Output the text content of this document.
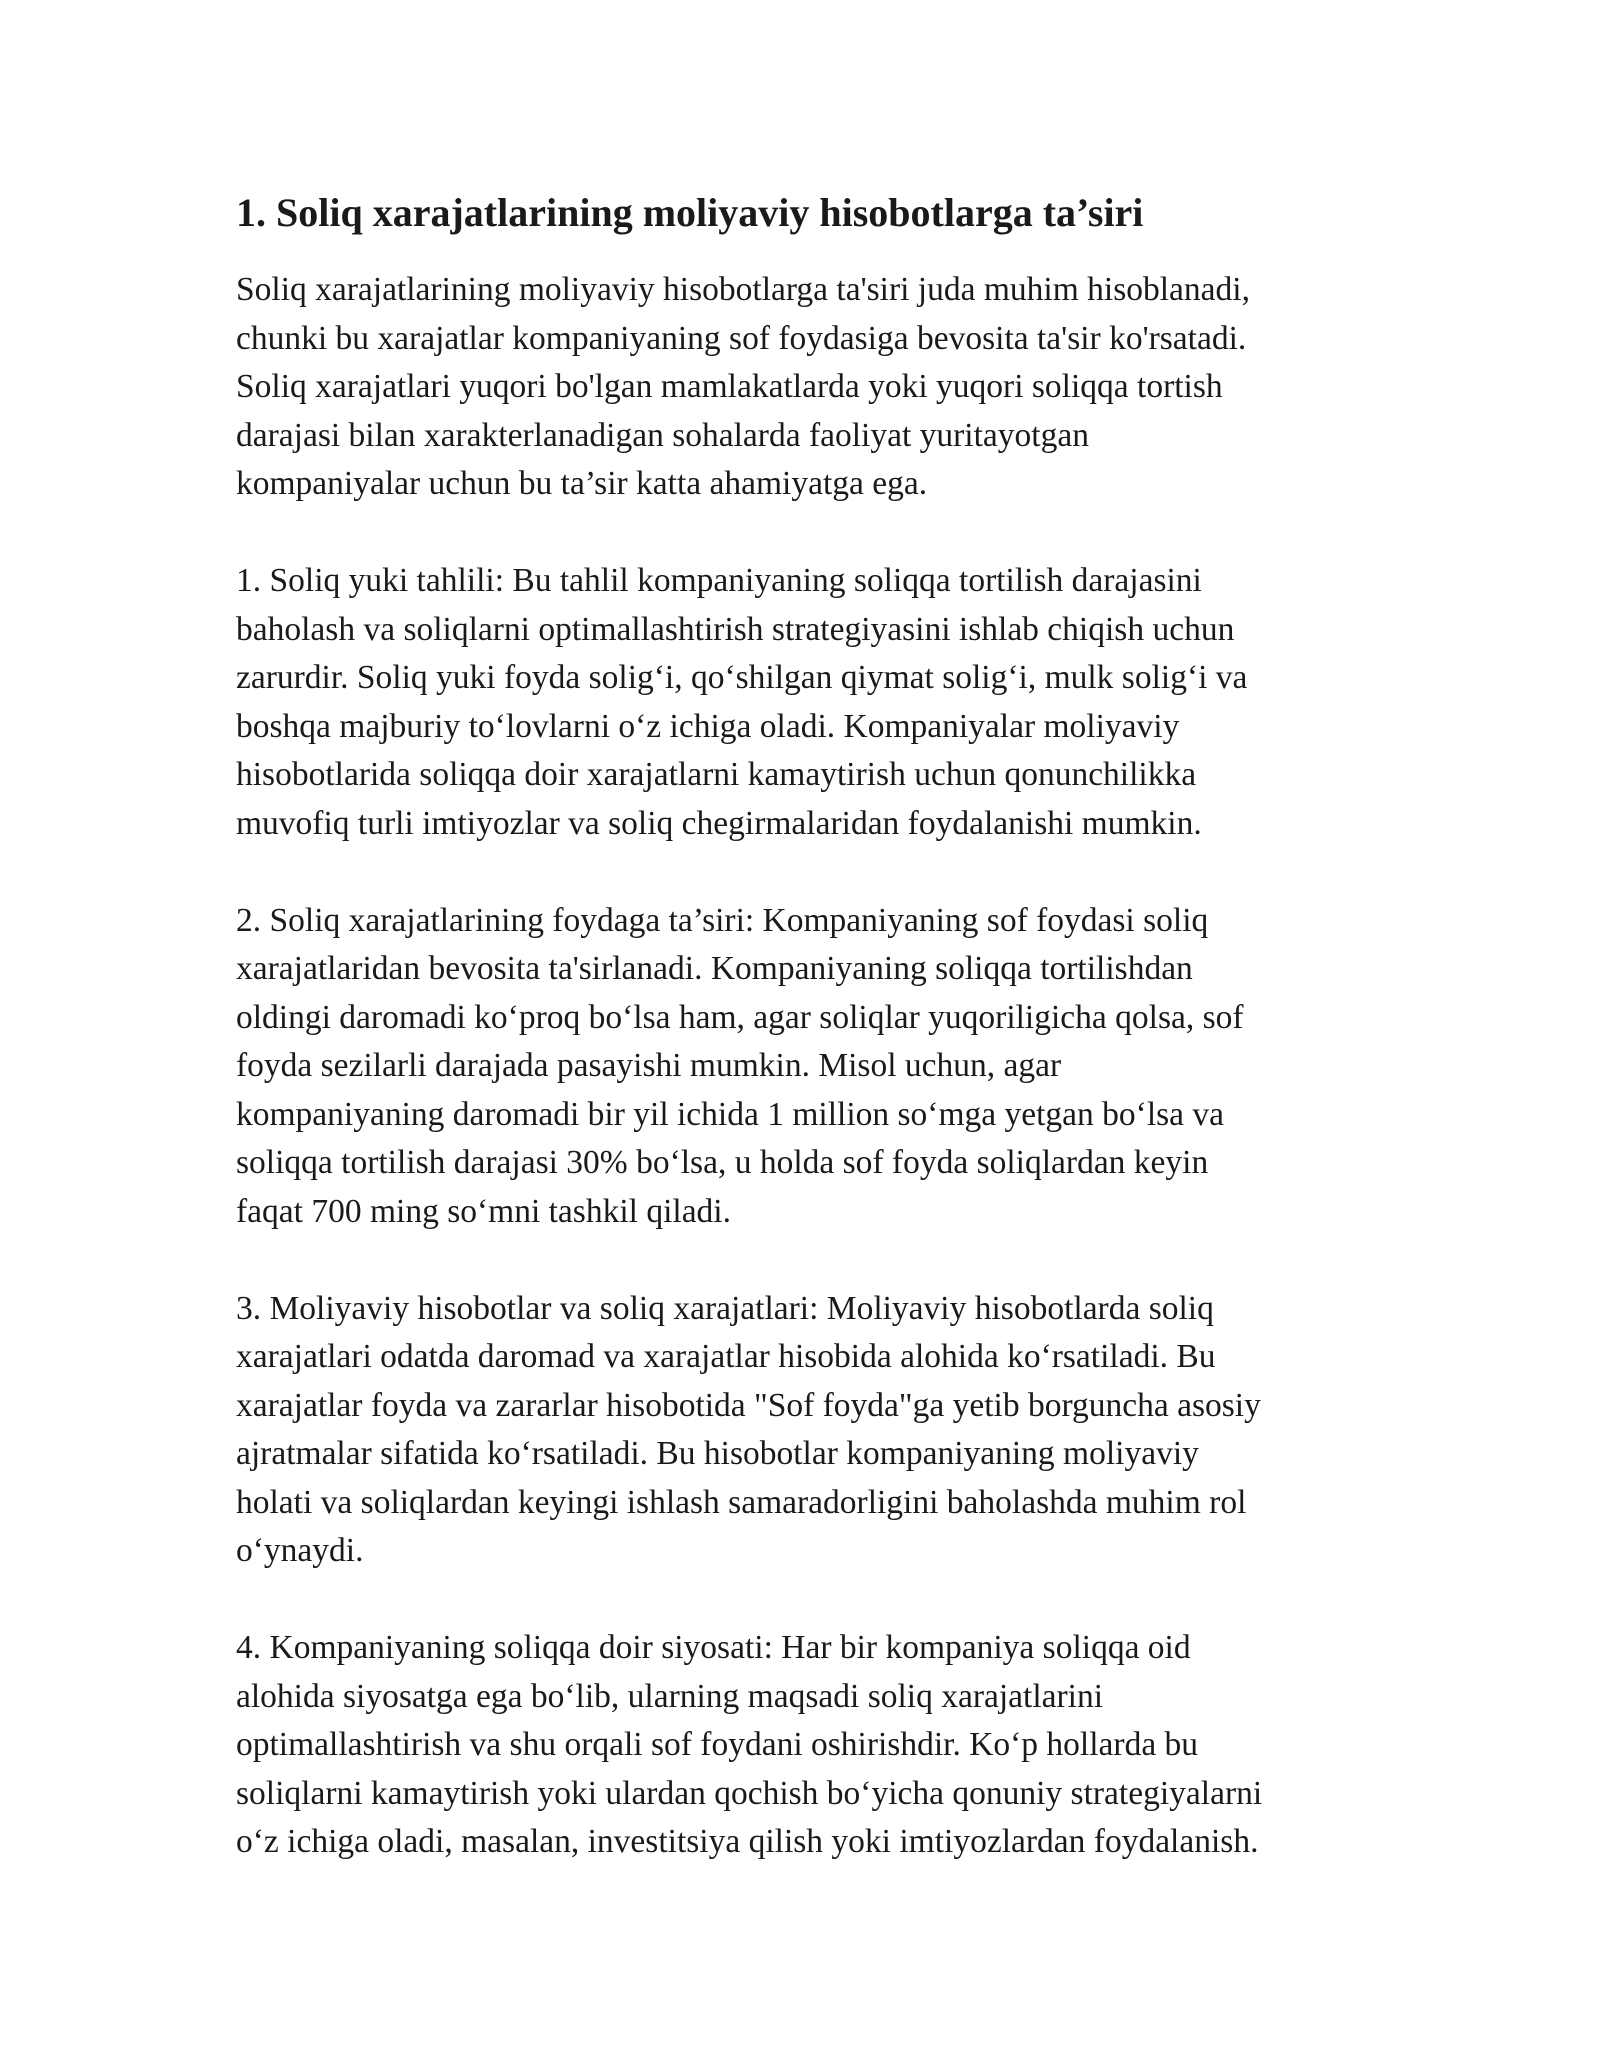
1. Soliq xarajatlarining moliyaviy hisobotlarga ta’siri
Soliq xarajatlarining moliyaviy hisobotlarga ta'siri juda muhim hisoblanadi,
chunki bu xarajatlar kompaniyaning sof foydasiga bevosita ta'sir ko'rsatadi.
Soliq xarajatlari yuqori bo'lgan mamlakatlarda yoki yuqori soliqqa tortish
darajasi bilan xarakterlanadigan sohalarda faoliyat yuritayotgan
kompaniyalar uchun bu ta’sir katta ahamiyatga ega.
1. Soliq yuki tahlili: Bu tahlil kompaniyaning soliqqa tortilish darajasini
baholash va soliqlarni optimallashtirish strategiyasini ishlab chiqish uchun
zarurdir. Soliq yuki foyda solig‘i, qo‘shilgan qiymat solig‘i, mulk solig‘i va
boshqa majburiy to‘lovlarni o‘z ichiga oladi. Kompaniyalar moliyaviy
hisobotlarida soliqqa doir xarajatlarni kamaytirish uchun qonunchilikka
muvofiq turli imtiyozlar va soliq chegirmalaridan foydalanishi mumkin.
2. Soliq xarajatlarining foydaga ta’siri: Kompaniyaning sof foydasi soliq
xarajatlaridan bevosita ta'sirlanadi. Kompaniyaning soliqqa tortilishdan
oldingi daromadi ko‘proq bo‘lsa ham, agar soliqlar yuqoriligicha qolsa, sof
foyda sezilarli darajada pasayishi mumkin. Misol uchun, agar
kompaniyaning daromadi bir yil ichida 1 million so‘mga yetgan bo‘lsa va
soliqqa tortilish darajasi 30% bo‘lsa, u holda sof foyda soliqlardan keyin
faqat 700 ming so‘mni tashkil qiladi.
3. Moliyaviy hisobotlar va soliq xarajatlari: Moliyaviy hisobotlarda soliq
xarajatlari odatda daromad va xarajatlar hisobida alohida ko‘rsatiladi. Bu
xarajatlar foyda va zararlar hisobotida "Sof foyda"ga yetib borguncha asosiy
ajratmalar sifatida ko‘rsatiladi. Bu hisobotlar kompaniyaning moliyaviy
holati va soliqlardan keyingi ishlash samaradorligini baholashda muhim rol
o‘ynaydi.
4. Kompaniyaning soliqqa doir siyosati: Har bir kompaniya soliqqa oid
alohida siyosatga ega bo‘lib, ularning maqsadi soliq xarajatlarini
optimallashtirish va shu orqali sof foydani oshirishdir. Ko‘p hollarda bu
soliqlarni kamaytirish yoki ulardan qochish bo‘yicha qonuniy strategiyalarni
o‘z ichiga oladi, masalan, investitsiya qilish yoki imtiyozlardan foydalanish.
